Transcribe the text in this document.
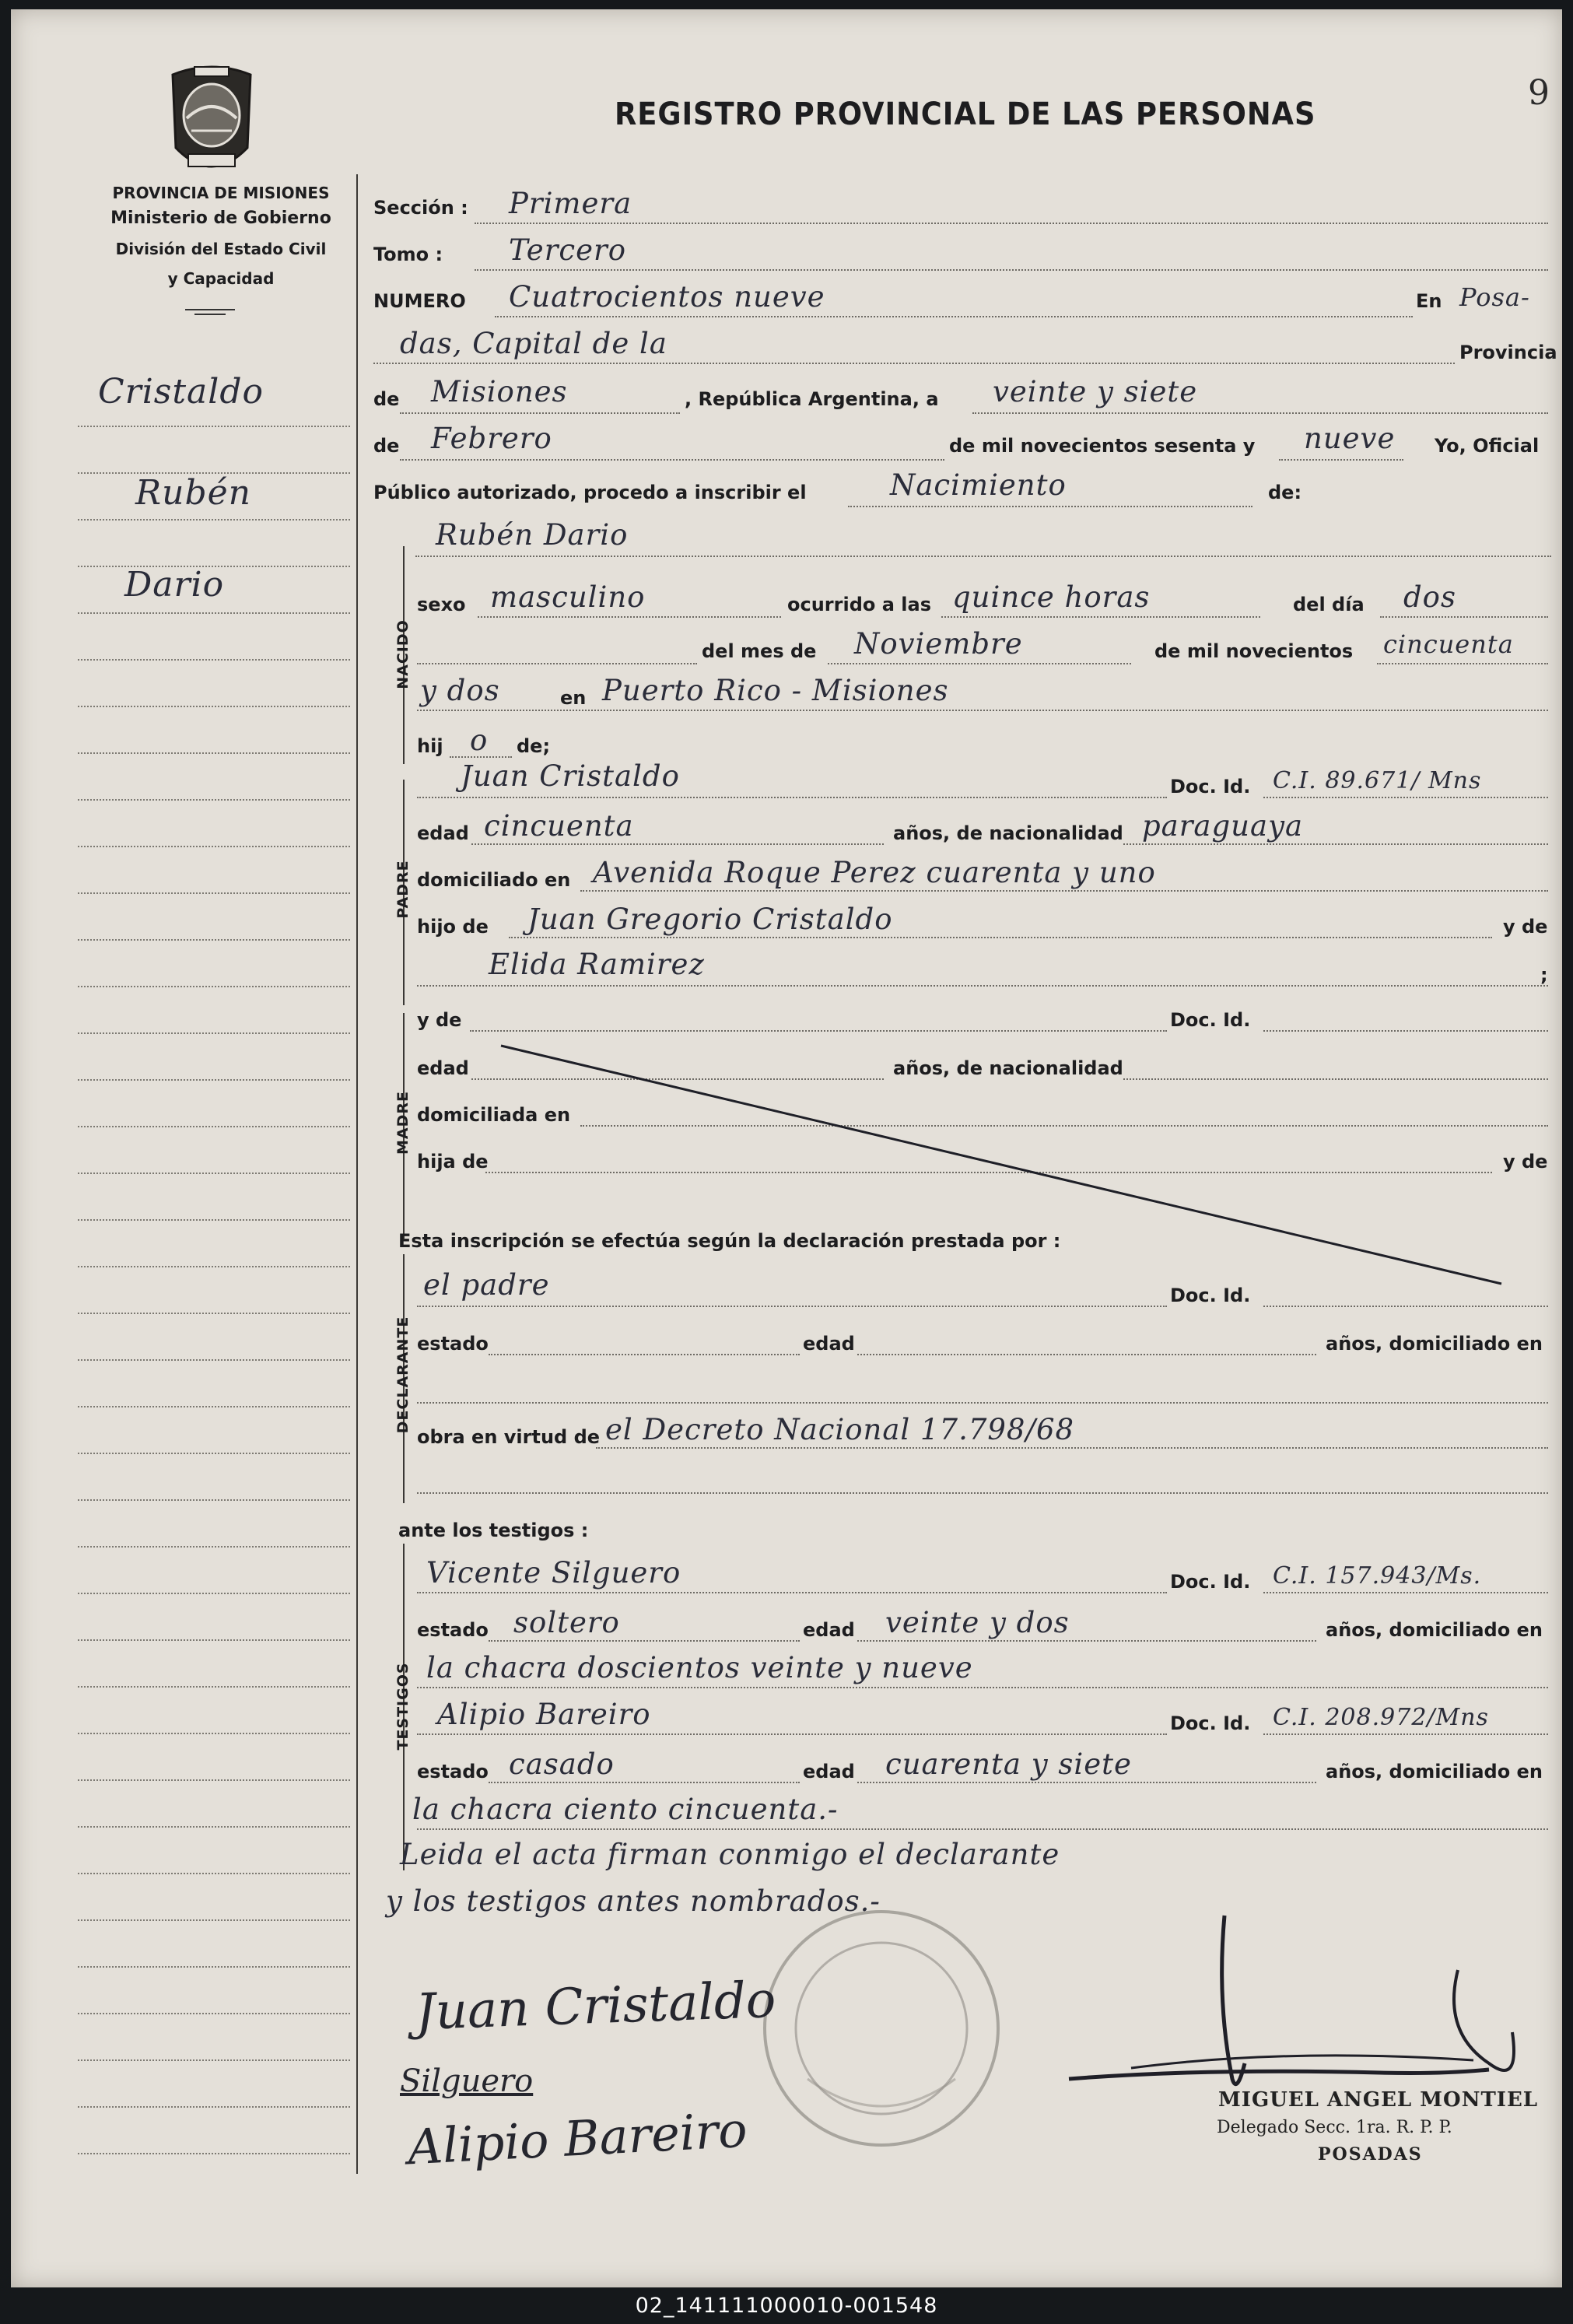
PROVINCIA DE MISIONES
Ministerio de Gobierno
División del Estado Civil
y Capacidad
REGISTRO PROVINCIAL DE LAS PERSONAS
9
Cristaldo
Rubén
Dario
Sección : Primera
Tomo : Tercero
NUMERO Cuatrocientos nueve	En Posa-
das, Capital de la	Provincia
de Misiones	, República Argentina, a veinte y siete
de Febrero	de mil novecientos sesenta y nueve Yo, Oficial
Público autorizado, procedo a inscribir el	Nacimiento	de:
NACIDO
Rubén Dario
sexo masculino	ocurrido a las quince horas	del día dos
del mes de Noviembre	de mil novecientos cincuenta
y dos	en Puerto Rico - Misiones
hij o de;
PADRE
Juan Cristaldo	Doc. Id. C.I. 89.671/ Mns
edad cincuenta	años, de nacionalidad paraguaya
domiciliado en Avenida Roque Perez cuarenta y uno
hijo de Juan Gregorio Cristaldo	y de
Elida Ramirez	;
MADRE
y de	Doc. Id.
edad	años, de nacionalidad
domiciliada en
hija de	y de
Esta inscripción se efectúa según la declaración prestada por :
DECLARANTE
el padre	Doc. Id.
estado	edad	años, domiciliado en
obra en virtud de el Decreto Nacional 17.798/68
ante los testigos :
TESTIGOS
Vicente Silguero	Doc. Id. C.I. 157.943/Ms.
estado soltero	edad veinte y dos	años, domiciliado en
la chacra doscientos veinte y nueve
Alipio Bareiro	Doc. Id. C.I. 208.972/Mns
estado casado	edad cuarenta y siete	años, domiciliado en
la chacra ciento cincuenta.-
Leida el acta firman conmigo el declarante
y los testigos antes nombrados.-
Juan Cristaldo
Silguero
Alipio Bareiro
MIGUEL ANGEL MONTIEL
Delegado Secc. 1ra. R. P. P.
POSADAS
02_141111000010-001548
